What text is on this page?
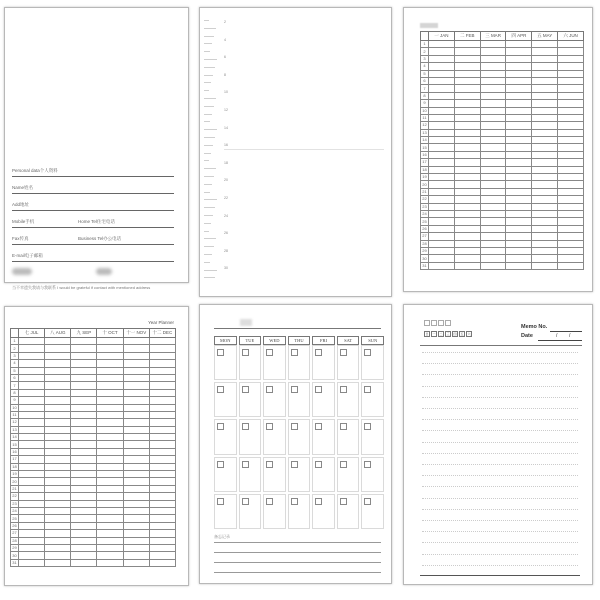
Personal data个人资料
Name姓名
Add地址
Mobile手机	Home Tel住宅电话
Fax传真	Business Tel办公电话
E-mail电子邮箱
当不幸遗失我请与我联系 I would be grateful if contact with mentioned address
2
4
6
8
10
12
14
16
18
20
22
24
26
28
30
	一 JAN	二 FEB	三 MAR	四 APR	五 MAY	六 JUN
1						
2						
3						
4						
5						
6						
7						
8						
9						
10						
11						
12						
13						
14						
15						
16						
17						
18						
19						
20						
21						
22						
23						
24						
25						
26						
27						
28						
29						
30						
31						
Year Planner
	七 JUL	八 AUG	九 SEP	十 OCT	十一 NOV	十二 DEC
1						
2						
3						
4						
5						
6						
7						
8						
9						
10						
11						
12						
13						
14						
15						
16						
17						
18						
19						
20						
21						
22						
23						
24						
25						
26						
27						
28						
29						
30						
31						
MON	TUE	WED	THU	FRI	SAT	SUN
备忘记录
日	一	二	三	四	五	六
Memo No.
Date	/ /
